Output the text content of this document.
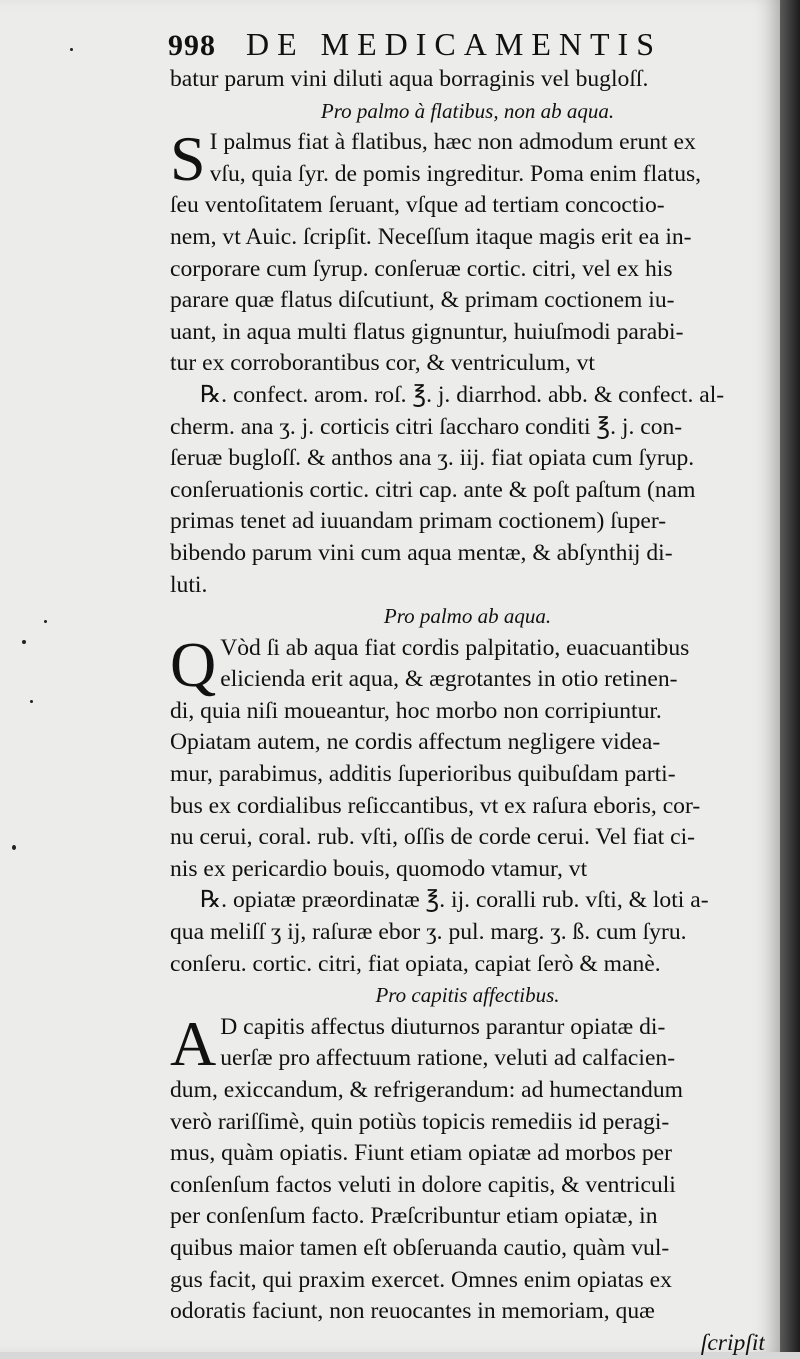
998 DE MEDICAMENTIS
batur parum vini diluti aqua borraginis vel bugloſſ.
Pro palmo à flatibus, non ab aqua.
S I palmus fiat à flatibus, hæc non admodum erunt ex
vſu, quia ſyr. de pomis ingreditur. Poma enim flatus,
ſeu ventoſitatem ſeruant, vſque ad tertiam concoctio-
nem, vt Auic. ſcripſit. Neceſſum itaque magis erit ea in-
corporare cum ſyrup. conſeruæ cortic. citri, vel ex his
parare quæ flatus diſcutiunt, & primam coctionem iu-
uant, in aqua multi flatus gignuntur, huiuſmodi parabi-
tur ex corroborantibus cor, & ventriculum, vt
℞. confect. arom. roſ. ℥. j. diarrhod. abb. & confect. al-
cherm. ana ʒ. j. corticis citri ſaccharo conditi ℥. j. con-
ſeruæ bugloſſ. & anthos ana ʒ. iij. fiat opiata cum ſyrup.
conſeruationis cortic. citri cap. ante & poſt paſtum (nam
primas tenet ad iuuandam primam coctionem) ſuper-
bibendo parum vini cum aqua mentæ, & abſynthij di-
luti.
Pro palmo ab aqua.
Q Vòd ſi ab aqua fiat cordis palpitatio, euacuantibus
elicienda erit aqua, & ægrotantes in otio retinen-
di, quia niſi moueantur, hoc morbo non corripiuntur.
Opiatam autem, ne cordis affectum negligere videa-
mur, parabimus, additis ſuperioribus quibuſdam parti-
bus ex cordialibus reſiccantibus, vt ex raſura eboris, cor-
nu cerui, coral. rub. vſti, oſſis de corde cerui. Vel fiat ci-
nis ex pericardio bouis, quomodo vtamur, vt
℞. opiatæ præordinatæ ℥. ij. coralli rub. vſti, & loti a-
qua meliſſ ʒ ij, raſuræ ebor ʒ. pul. marg. ʒ. ß. cum ſyru.
conſeru. cortic. citri, fiat opiata, capiat ſerò & manè.
Pro capitis affectibus.
A D capitis affectus diuturnos parantur opiatæ di-
uerſæ pro affectuum ratione, veluti ad calfacien-
dum, exiccandum, & refrigerandum: ad humectandum
verò rariſſimè, quin potiùs topicis remediis id peragi-
mus, quàm opiatis. Fiunt etiam opiatæ ad morbos per
conſenſum factos veluti in dolore capitis, & ventriculi
per conſenſum facto. Præſcribuntur etiam opiatæ, in
quibus maior tamen eſt obſeruanda cautio, quàm vul-
gus facit, qui praxim exercet. Omnes enim opiatas ex
odoratis faciunt, non reuocantes in memoriam, quæ
ſcripſit
